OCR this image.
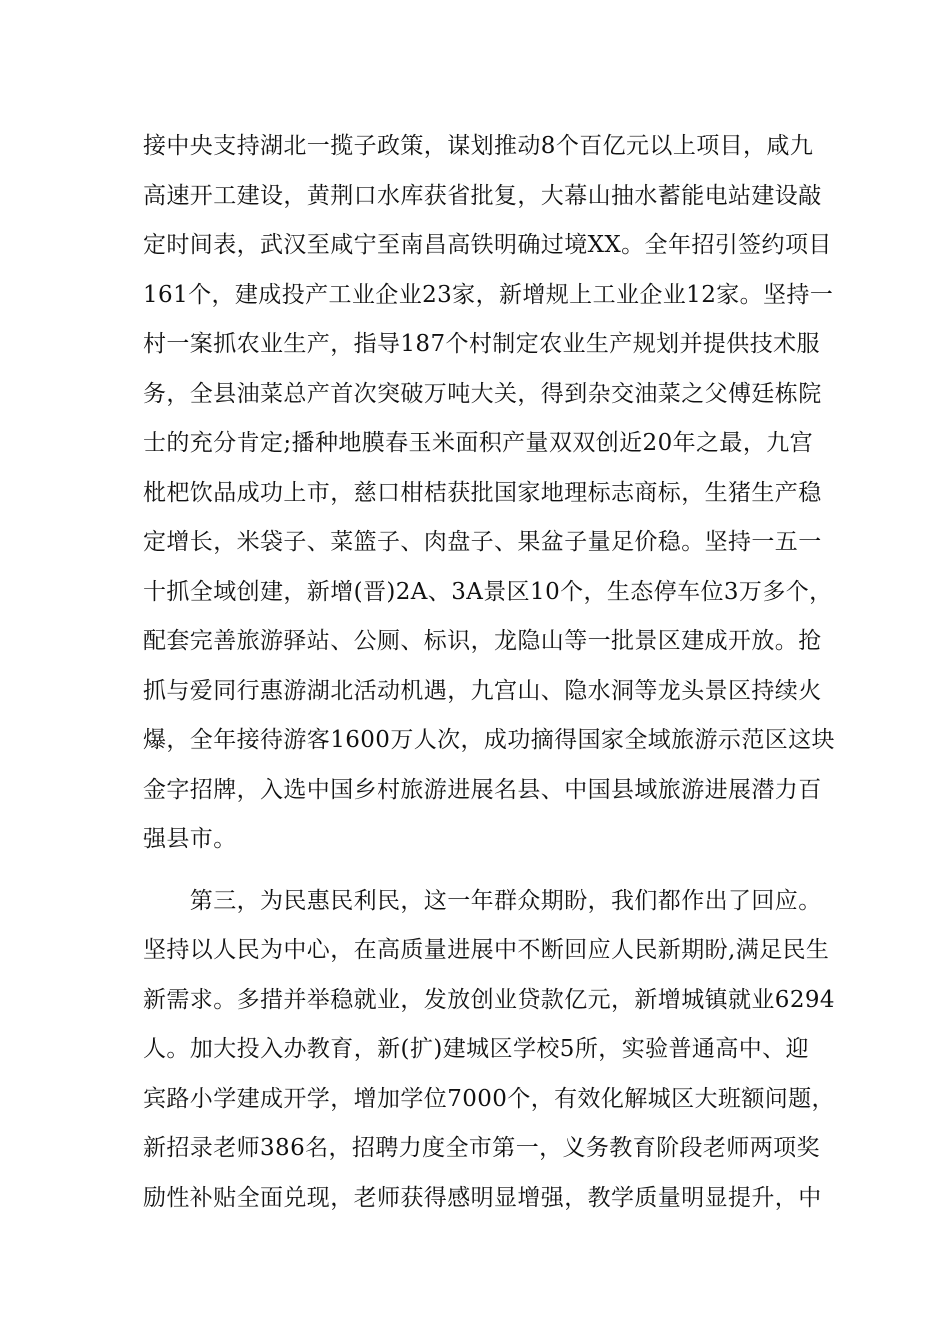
接中央支持湖北一揽子政策，谋划推动8个百亿元以上项目，咸九
高速开工建设，黄荆口水库获省批复，大幕山抽水蓄能电站建设敲
定时间表，武汉至咸宁至南昌高铁明确过境XX。全年招引签约项目
161个，建成投产工业企业23家，新增规上工业企业12家。坚持一
村一案抓农业生产，指导187个村制定农业生产规划并提供技术服
务，全县油菜总产首次突破万吨大关，得到杂交油菜之父傅廷栋院
士的充分肯定;播种地膜春玉米面积产量双双创近20年之最，九宫
枇杷饮品成功上市，慈口柑桔获批国家地理标志商标，生猪生产稳
定增长，米袋子、菜篮子、肉盘子、果盆子量足价稳。坚持一五一
十抓全域创建，新增(晋)2A、3A景区10个，生态停车位3万多个，
配套完善旅游驿站、公厕、标识，龙隐山等一批景区建成开放。抢
抓与爱同行惠游湖北活动机遇，九宫山、隐水洞等龙头景区持续火
爆，全年接待游客1600万人次，成功摘得国家全域旅游示范区这块
金字招牌，入选中国乡村旅游进展名县、中国县域旅游进展潜力百
强县市。
　　第三，为民惠民利民，这一年群众期盼，我们都作出了回应。
坚持以人民为中心，在高质量进展中不断回应人民新期盼,满足民生
新需求。多措并举稳就业，发放创业贷款亿元，新增城镇就业6294
人。加大投入办教育，新(扩)建城区学校5所，实验普通高中、迎
宾路小学建成开学，增加学位7000个，有效化解城区大班额问题，
新招录老师386名，招聘力度全市第一，义务教育阶段老师两项奖
励性补贴全面兑现，老师获得感明显增强，教学质量明显提升，中
